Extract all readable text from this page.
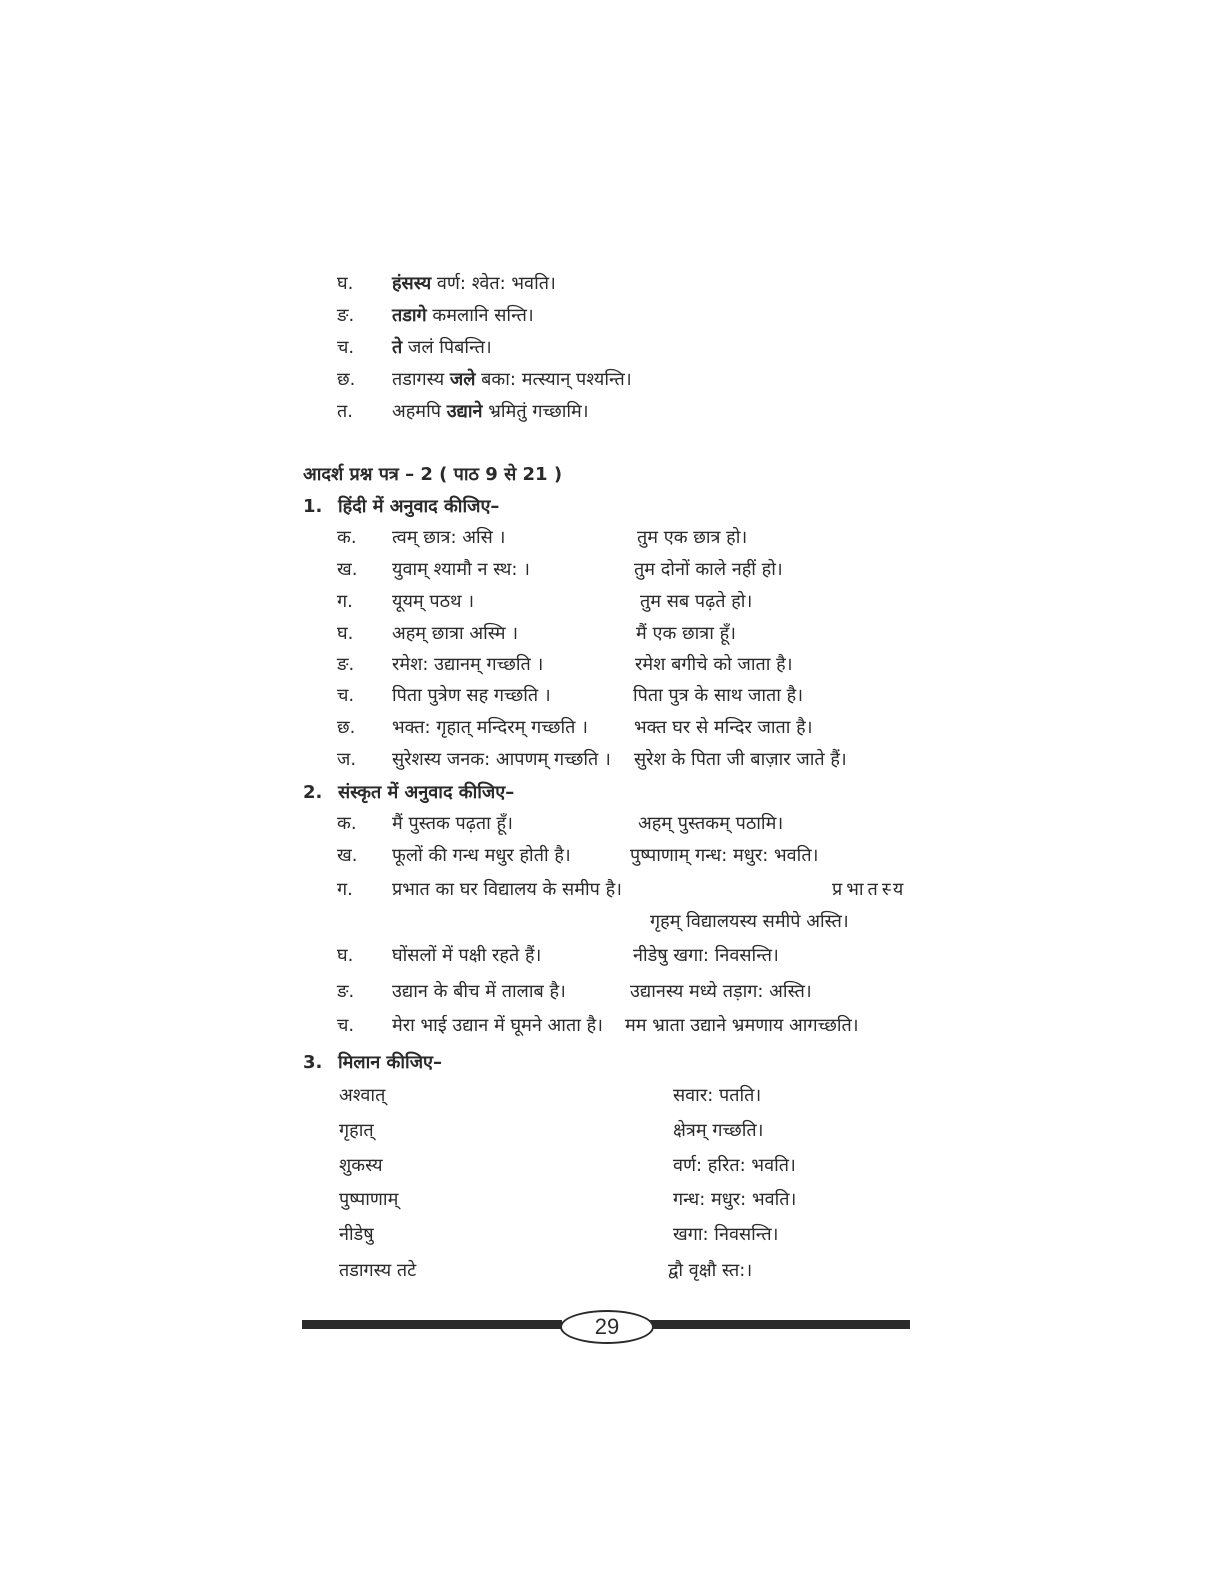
घ. हंसस्य वर्ण: श्वेत: भवति।
ङ. तडागे कमलानि सन्ति।
च. ते जलं पिबन्ति।
छ. तडागस्य जले बका: मत्स्यान् पश्यन्ति।
त. अहमपि उद्याने भ्रमितुं गच्छामि।
आदर्श प्रश्न पत्र – 2 ( पाठ 9 से 21 )
1. हिंदी में अनुवाद कीजिए–
क. त्वम् छात्र: असि ।	तुम एक छात्र हो।
ख. युवाम् श्यामौ न स्थ: ।	तुम दोनों काले नहीं हो।
ग. यूयम् पठथ ।	तुम सब पढ़ते हो।
घ. अहम् छात्रा अस्मि ।	मैं एक छात्रा हूँ।
ङ. रमेश: उद्यानम् गच्छति ।	रमेश बगीचे को जाता है।
च. पिता पुत्रेण सह गच्छति ।	पिता पुत्र के साथ जाता है।
छ. भक्त: गृहात् मन्दिरम् गच्छति ।	भक्त घर से मन्दिर जाता है।
ज. सुरेशस्य जनक: आपणम् गच्छति । सुरेश के पिता जी बाज़ार जाते हैं।
2. संस्कृत में अनुवाद कीजिए–
क. मैं पुस्तक पढ़ता हूँ।	अहम् पुस्तकम् पठामि।
ख. फूलों की गन्ध मधुर होती है।	पुष्पाणाम् गन्ध: मधुर: भवति।
ग. प्रभात का घर विद्यालय के समीप है।	प्रभातस्य
गृहम् विद्यालयस्य समीपे अस्ति।
घ. घोंसलों में पक्षी रहते हैं।	नीडेषु खगा: निवसन्ति।
ङ. उद्यान के बीच में तालाब है।	उद्यानस्य मध्ये तड़ाग: अस्ति।
च. मेरा भाई उद्यान में घूमने आता है। मम भ्राता उद्याने भ्रमणाय आगच्छति।
3. मिलान कीजिए–
अश्वात्	सवार: पतति।
गृहात्	क्षेत्रम् गच्छति।
शुकस्य	वर्ण: हरित: भवति।
पुष्पाणाम्	गन्ध: मधुर: भवति।
नीडेषु	खगा: निवसन्ति।
तडागस्य तटे	द्वौ वृक्षौ स्त:।
29
